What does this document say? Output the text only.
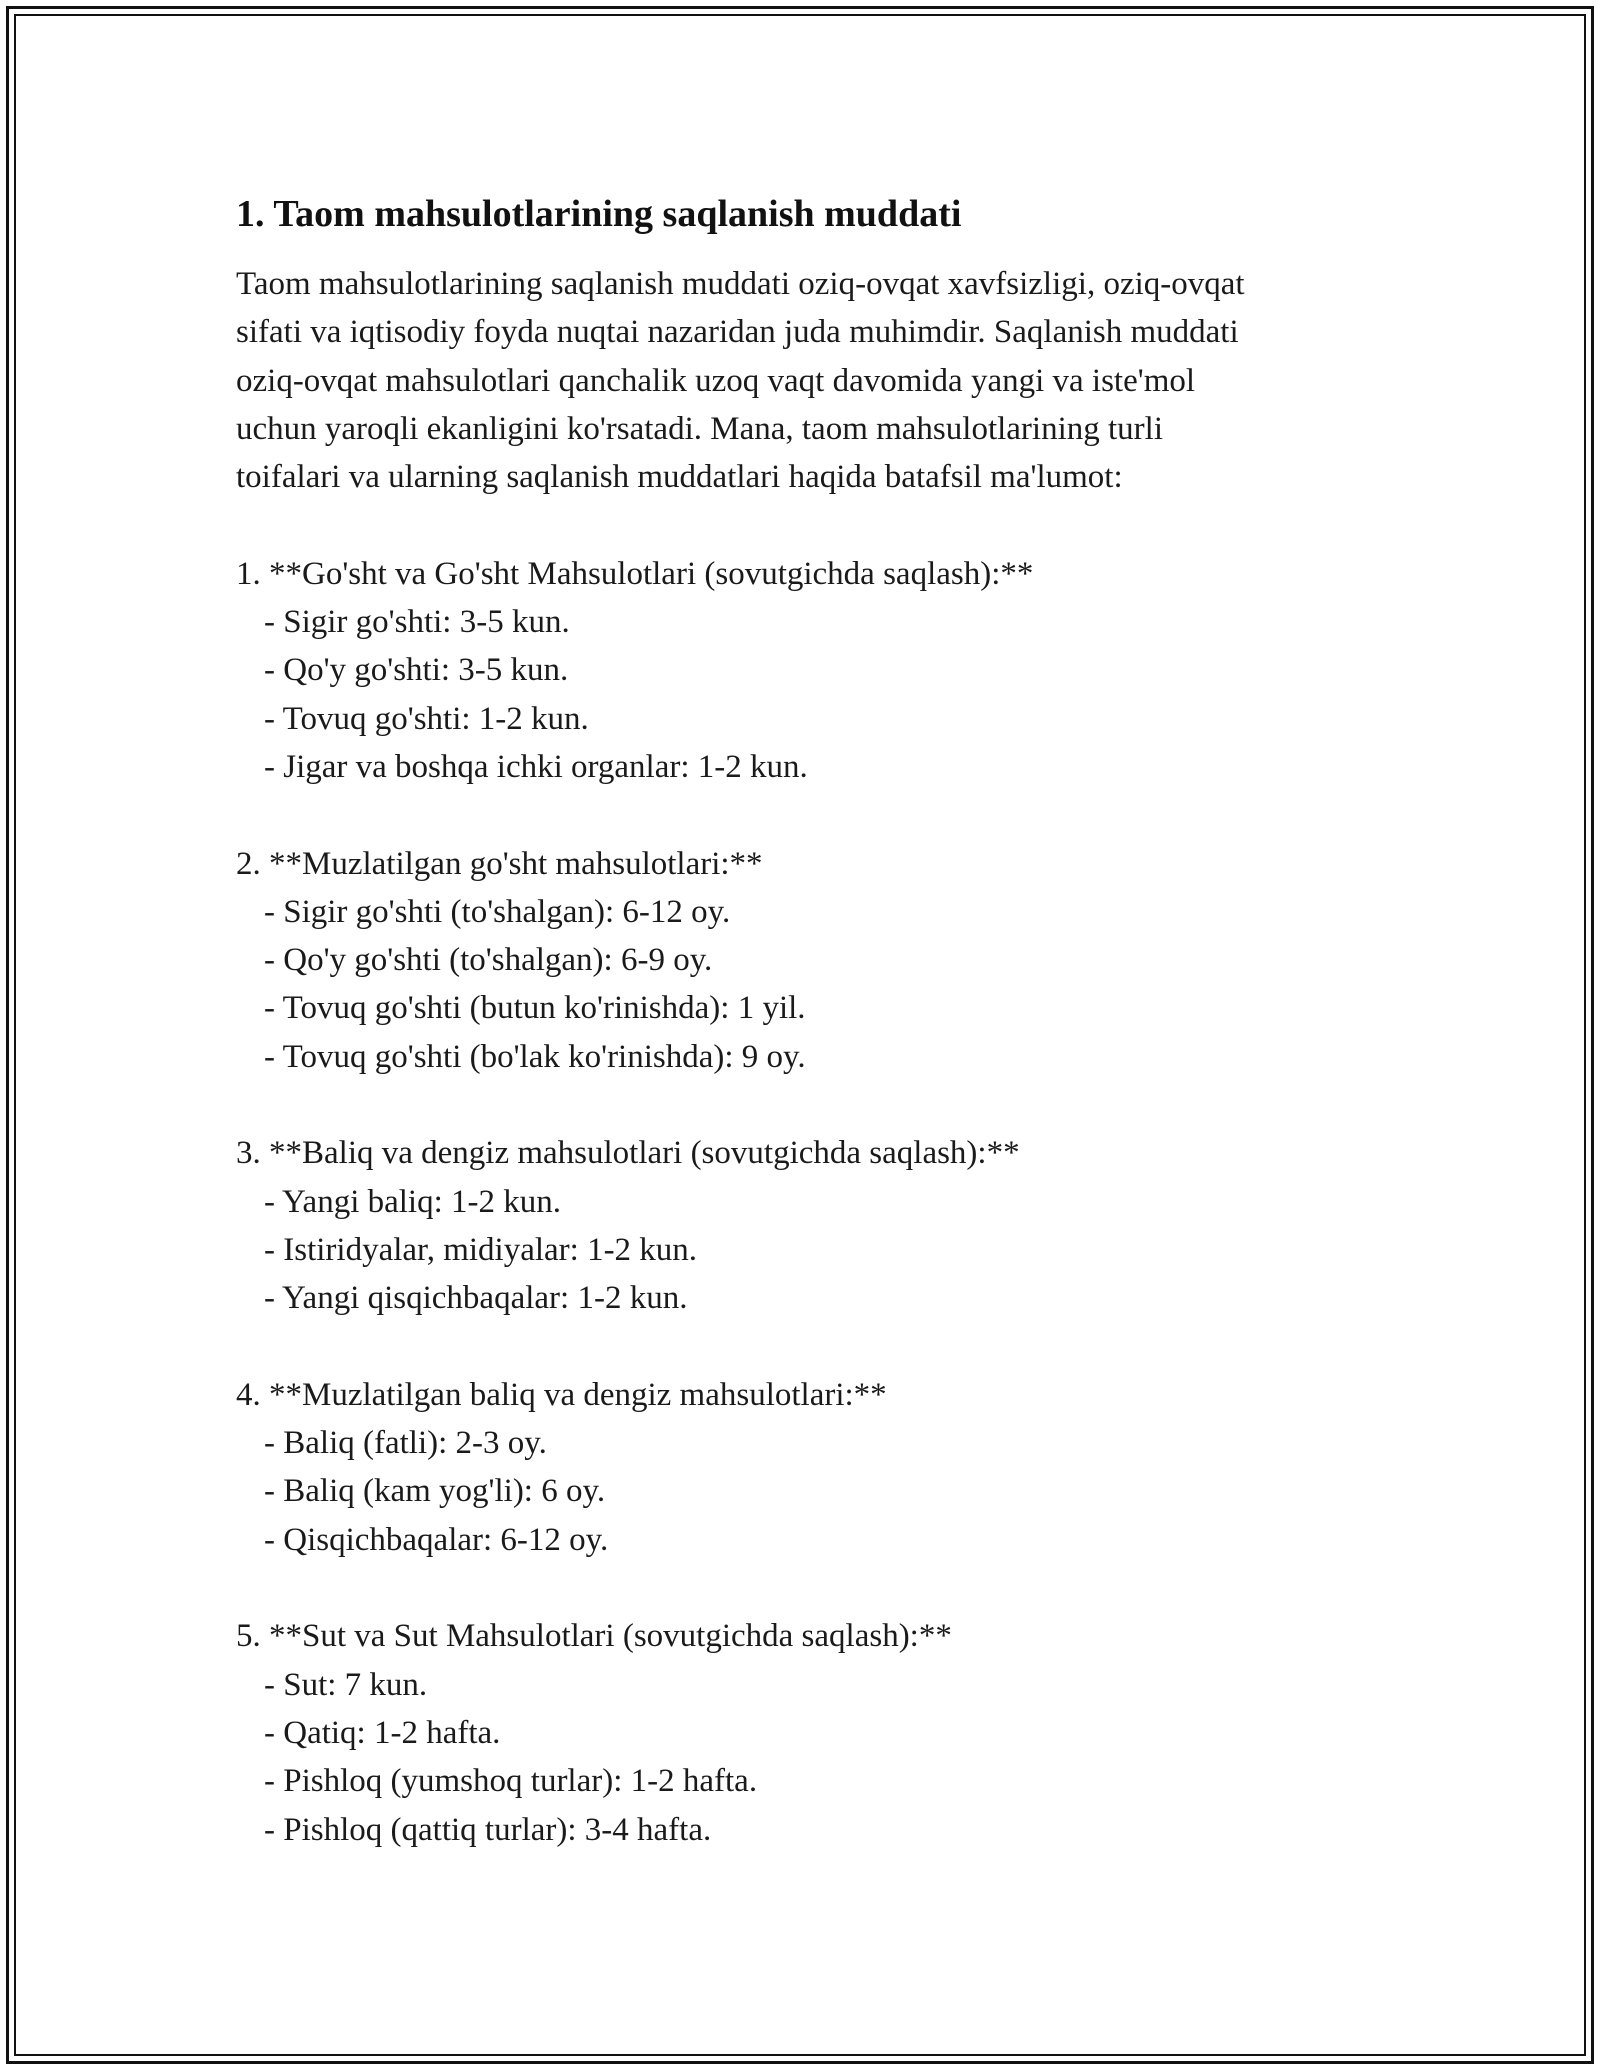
1. Taom mahsulotlarining saqlanish muddati

Taom mahsulotlarining saqlanish muddati oziq-ovqat xavfsizligi, oziq-ovqat
sifati va iqtisodiy foyda nuqtai nazaridan juda muhimdir. Saqlanish muddati
oziq-ovqat mahsulotlari qanchalik uzoq vaqt davomida yangi va iste'mol
uchun yaroqli ekanligini ko'rsatadi. Mana, taom mahsulotlarining turli
toifalari va ularning saqlanish muddatlari haqida batafsil ma'lumot:

1. **Go'sht va Go'sht Mahsulotlari (sovutgichda saqlash):**
- Sigir go'shti: 3-5 kun.
- Qo'y go'shti: 3-5 kun.
- Tovuq go'shti: 1-2 kun.
- Jigar va boshqa ichki organlar: 1-2 kun.
2. **Muzlatilgan go'sht mahsulotlari:**
- Sigir go'shti (to'shalgan): 6-12 oy.
- Qo'y go'shti (to'shalgan): 6-9 oy.
- Tovuq go'shti (butun ko'rinishda): 1 yil.
- Tovuq go'shti (bo'lak ko'rinishda): 9 oy.
3. **Baliq va dengiz mahsulotlari (sovutgichda saqlash):**
- Yangi baliq: 1-2 kun.
- Istiridyalar, midiyalar: 1-2 kun.
- Yangi qisqichbaqalar: 1-2 kun.
4. **Muzlatilgan baliq va dengiz mahsulotlari:**
- Baliq (fatli): 2-3 oy.
- Baliq (kam yog'li): 6 oy.
- Qisqichbaqalar: 6-12 oy.
5. **Sut va Sut Mahsulotlari (sovutgichda saqlash):**
- Sut: 7 kun.
- Qatiq: 1-2 hafta.
- Pishloq (yumshoq turlar): 1-2 hafta.
- Pishloq (qattiq turlar): 3-4 hafta.
